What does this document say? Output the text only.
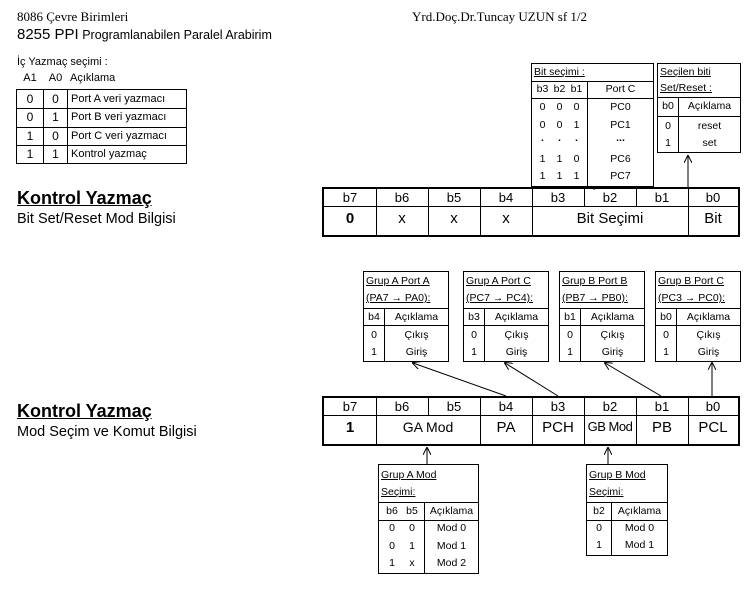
8086 Çevre Birimleri	Yrd.Doç.Dr.Tuncay UZUN sf 1/2
8255 PPI Programlanabilen Paralel Arabirim
İç Yazmaç seçimi :
A1	A0 Açıklama
0	0	Port A veri yazmacı
0	1	Port B veri yazmacı
1	0	Port C veri yazmacı
1	1	Kontrol yazmaç
Bit seçimi :
b3 b2 b1	Port C
0	0	0	PC0
0	0	1	PC1
.	.	.	...
1	1	0	PC6
1	1	1	PC7
Seçilen biti
Set/Reset :
b0	Açıklama
0	reset
1	set
Kontrol Yazmaç
Bit Set/Reset Mod Bilgisi
b7	b6	b5	b4	b3	b2	b1	b0
0	x	x	x	Bit Seçimi	Bit
Grup A Port A
(PA7 → PA0):
b4	Açıklama
0	Çıkış
1	Giriş
Grup A Port C
(PC7 → PC4):
b3	Açıklama
0	Çıkış
1	Giriş
Grup B Port B
(PB7 → PB0):
b1	Açıklama
0	Çıkış
1	Giriş
Grup B Port C
(PC3 → PC0):
b0	Açıklama
0	Çıkış
1	Giriş
Kontrol Yazmaç
Mod Seçim ve Komut Bilgisi
b7	b6	b5	b4	b3	b2	b1	b0
1	GA Mod	PA	PCH	GB Mod	PB	PCL
Grup A Mod
Seçimi:
b6 b5	Açıklama
0	0	Mod 0
0	1	Mod 1
1	x	Mod 2
Grup B Mod
Seçimi:
b2	Açıklama
0	Mod 0
1	Mod 1
